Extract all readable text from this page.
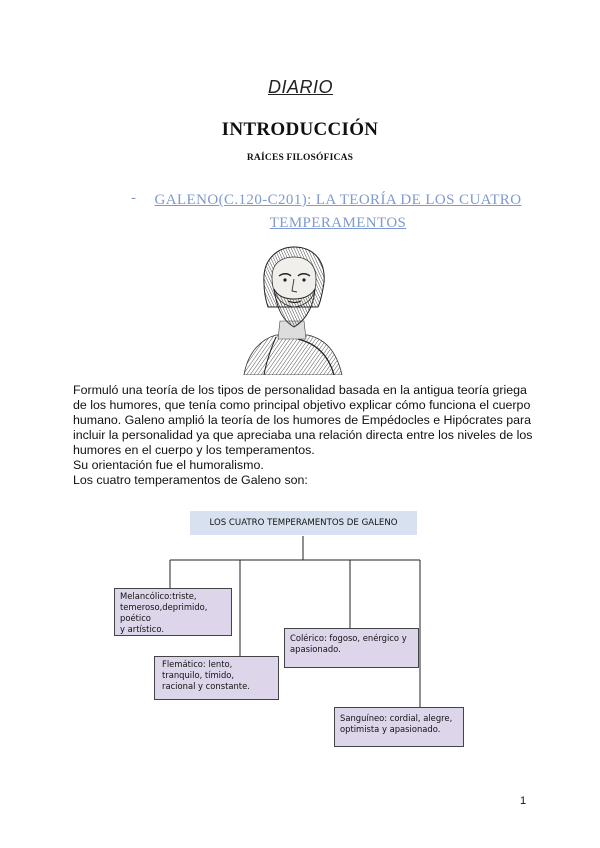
DIARIO
INTRODUCCIÓN
RAÍCES FILOSÓFICAS
-	GALENO(C.120-C201): LA TEORÍA DE LOS CUATRO
TEMPERAMENTOS
Formuló una teoría de los tipos de personalidad basada en la antigua teoría griega
de los humores, que tenía como principal objetivo explicar cómo funciona el cuerpo
humano. Galeno amplió la teoría de los humores de Empédocles e Hipócrates para
incluir la personalidad ya que apreciaba una relación directa entre los niveles de los
humores en el cuerpo y los temperamentos.
Su orientación fue el humoralismo.
Los cuatro temperamentos de Galeno son:
LOS CUATRO TEMPERAMENTOS DE GALENO
Melancólico:triste,
temeroso,deprimido, poético
y artístico.
Colérico: fogoso, enérgico y
apasionado.
Flemático: lento,
tranquilo, tímido,
racional y constante.
Sanguíneo: cordial, alegre,
optimista y apasionado.
1
